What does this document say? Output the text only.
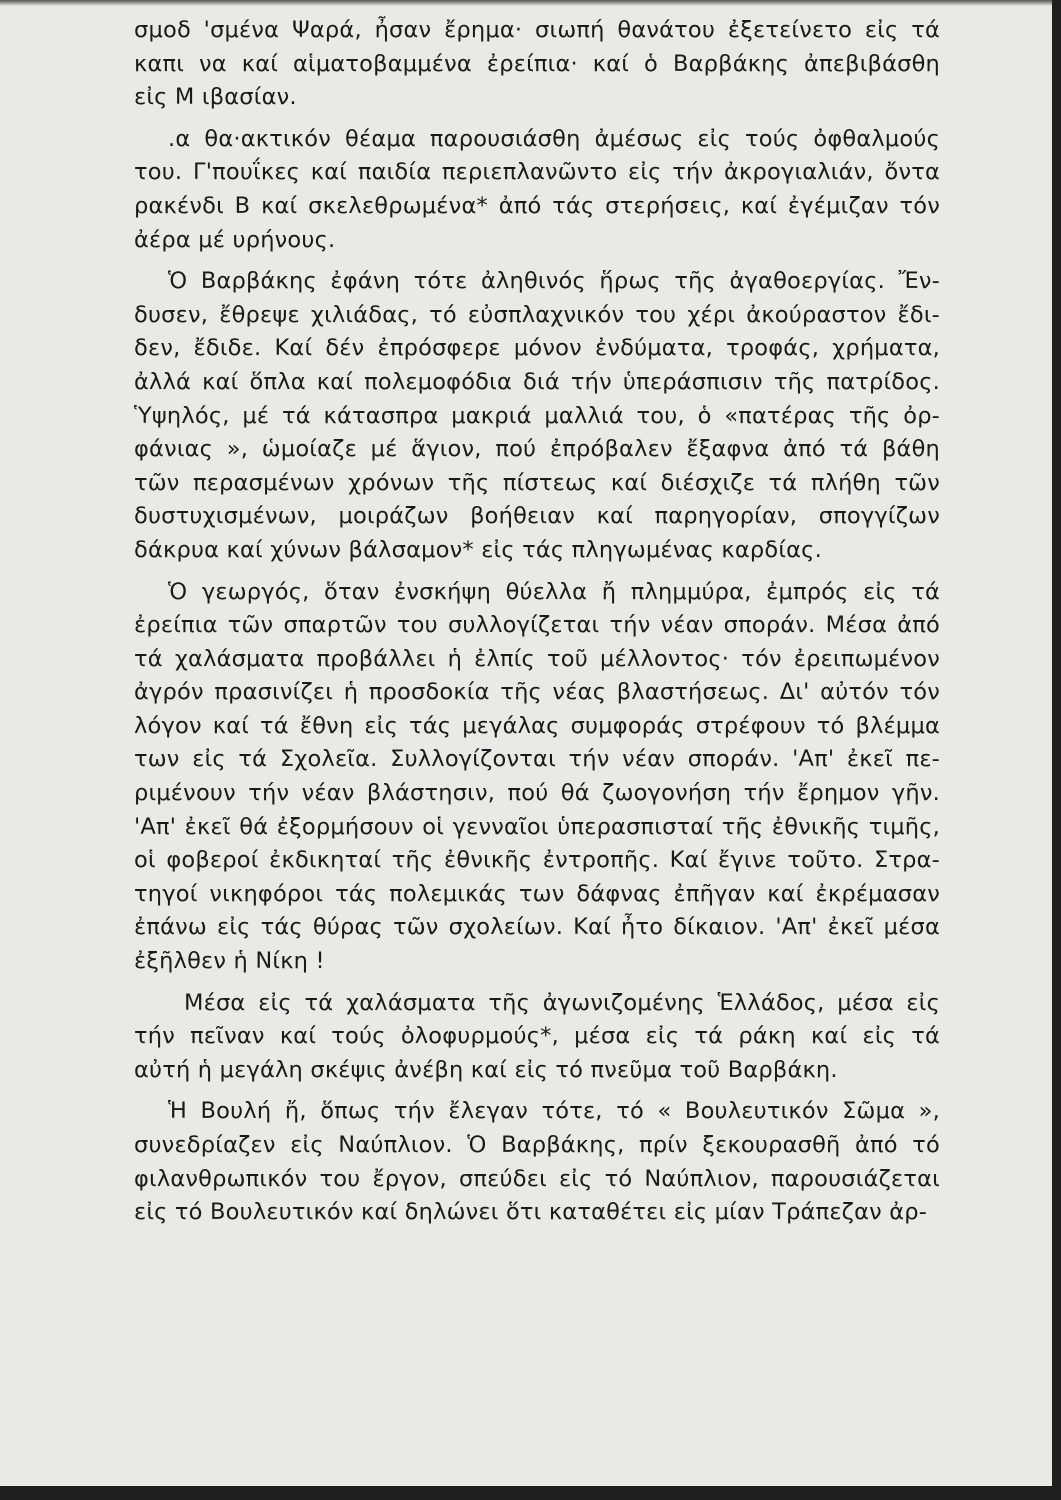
σμοδ 'σμένα Ψαρά, ἦσαν ἔρημα· σιωπή θανάτου ἐξετείνετο εἰς τά
καπι να καί αἱματοβαμμένα ἐρείπια· καί ὁ Βαρβάκης ἀπεβιβάσθη
εἰς Μ ιβασίαν.
.α θα·ακτικόν θέαμα παρουσιάσθη ἀμέσως εἰς τούς ὀφθαλμούς
του. Γ'πουΐκες καί παιδία περιεπλανῶντο εἰς τήν ἀκρογιαλιάν, ὄντα
ρακένδι Β καί σκελεθρωμένα* ἀπό τάς στερήσεις, καί ἐγέμιζαν τόν
ἀέρα μέ υρήνους.
Ὁ Βαρβάκης ἐφάνη τότε ἀληθινός ἥρως τῆς ἀγαθοεργίας. Ἔν-
δυσεν, ἔθρεψε χιλιάδας, τό εὐσπλαχνικόν του χέρι ἀκούραστον ἔδι-
δεν, ἔδιδε. Καί δέν ἐπρόσφερε μόνον ἐνδύματα, τροφάς, χρήματα,
ἀλλά καί ὅπλα καί πολεμοφόδια διά τήν ὑπεράσπισιν τῆς πατρίδος.
Ὑψηλός, μέ τά κάτασπρα μακριά μαλλιά του, ὁ «πατέρας τῆς ὀρ-
φάνιας », ὡμοίαζε μέ ἅγιον, πού ἐπρόβαλεν ἔξαφνα ἀπό τά βάθη
τῶν περασμένων χρόνων τῆς πίστεως καί διέσχιζε τά πλήθη τῶν
δυστυχισμένων, μοιράζων βοήθειαν καί παρηγορίαν, σπογγίζων
δάκρυα καί χύνων βάλσαμον* εἰς τάς πληγωμένας καρδίας.
Ὁ γεωργός, ὅταν ἐνσκήψη θύελλα ἤ πλημμύρα, ἐμπρός εἰς τά
ἐρείπια τῶν σπαρτῶν του συλλογίζεται τήν νέαν σποράν. Μέσα ἀπό
τά χαλάσματα προβάλλει ἡ ἐλπίς τοῦ μέλλοντος· τόν ἐρειπωμένον
ἀγρόν πρασινίζει ἡ προσδοκία τῆς νέας βλαστήσεως. Δι' αὐτόν τόν
λόγον καί τά ἔθνη εἰς τάς μεγάλας συμφοράς στρέφουν τό βλέμμα
των εἰς τά Σχολεῖα. Συλλογίζονται τήν νέαν σποράν. 'Απ' ἐκεῖ πε-
ριμένουν τήν νέαν βλάστησιν, πού θά ζωογονήση τήν ἔρημον γῆν.
'Απ' ἐκεῖ θά ἐξορμήσουν οἱ γενναῖοι ὑπερασπισταί τῆς ἐθνικῆς τιμῆς,
οἱ φοβεροί ἐκδικηταί τῆς ἐθνικῆς ἐντροπῆς. Καί ἔγινε τοῦτο. Στρα-
τηγοί νικηφόροι τάς πολεμικάς των δάφνας ἐπῆγαν καί ἐκρέμασαν
ἐπάνω εἰς τάς θύρας τῶν σχολείων. Καί ἦτο δίκαιον. 'Απ' ἐκεῖ μέσα
ἐξῆλθεν ἡ Νίκη !
Μέσα εἰς τά χαλάσματα τῆς ἀγωνιζομένης Ἑλλάδος, μέσα εἰς
τήν πεῖναν καί τούς ὀλοφυρμούς*, μέσα εἰς τά ράκη καί εἰς τά
αὐτή ἡ μεγάλη σκέψις ἀνέβη καί εἰς τό πνεῦμα τοῦ Βαρβάκη.
Ἡ Βουλή ἤ, ὅπως τήν ἔλεγαν τότε, τό « Βουλευτικόν Σῶμα »,
συνεδρίαζεν εἰς Ναύπλιον. Ὁ Βαρβάκης, πρίν ξεκουρασθῆ ἀπό τό
φιλανθρωπικόν του ἔργον, σπεύδει εἰς τό Ναύπλιον, παρουσιάζεται
εἰς τό Βουλευτικόν καί δηλώνει ὅτι καταθέτει εἰς μίαν Τράπεζαν ἀρ-
